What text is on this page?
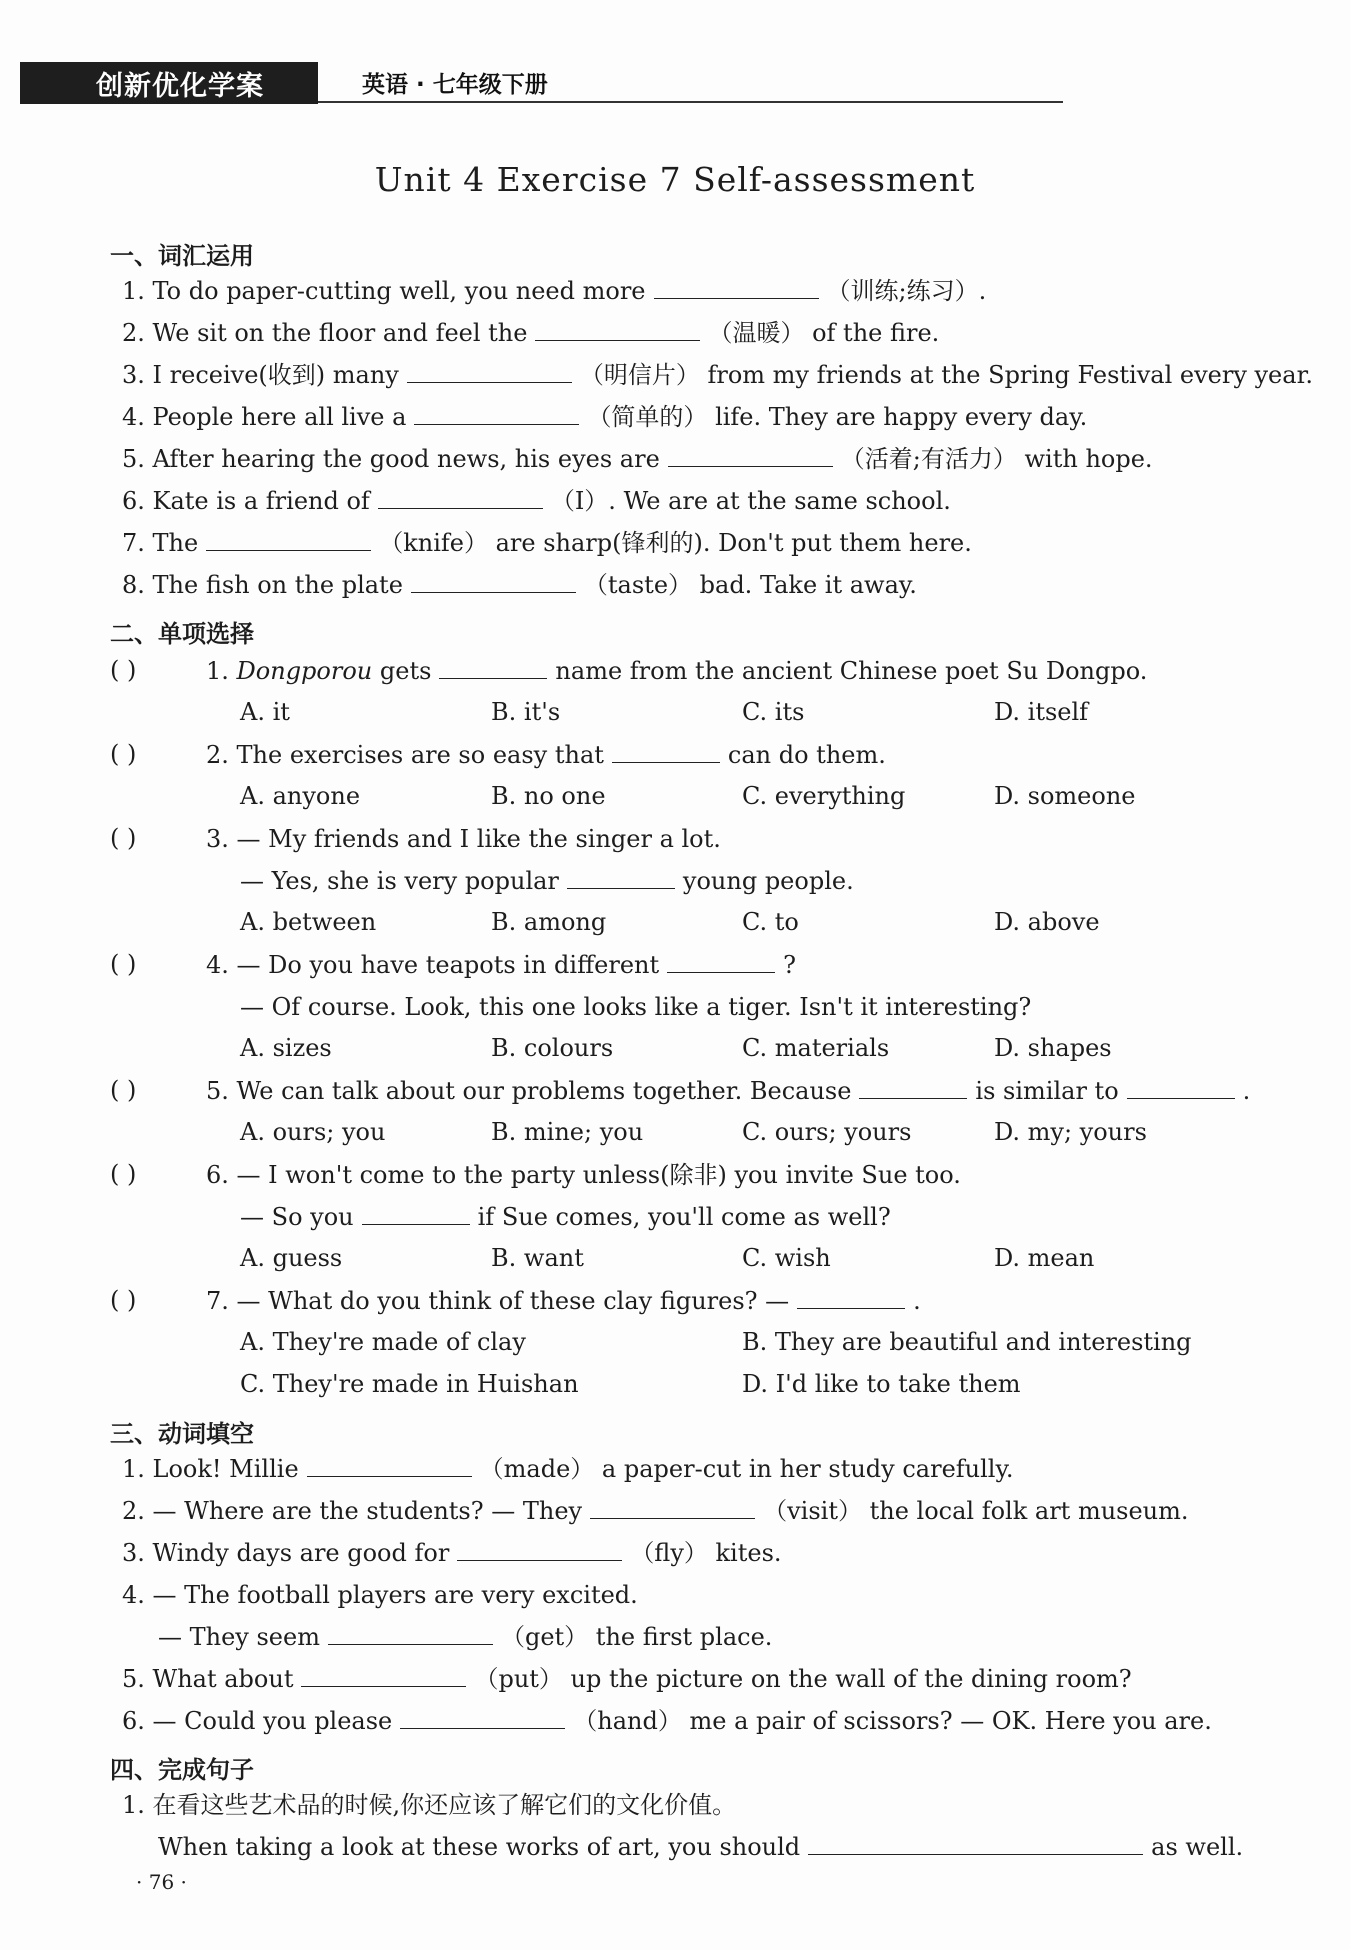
创新优化学案	英语 · 七年级下册
Unit 4 Exercise 7 Self-assessment
一、词汇运用
1. To do paper-cutting well, you need more	（训练;练习）.
2. We sit on the floor and feel the	（温暖） of the fire.
3. I receive(收到) many	（明信片） from my friends at the Spring Festival every year.
4. People here all live a	（简单的） life. They are happy every day.
5. After hearing the good news, his eyes are	（活着;有活力） with hope.
6. Kate is a friend of	（I）. We are at the same school.
7. The	（knife） are sharp(锋利的). Don't put them here.
8. The fish on the plate	（taste） bad. Take it away.
二、单项选择
( )	1. Dongporou gets	name from the ancient Chinese poet Su Dongpo.
A. it	B. it's	C. its	D. itself
( )	2. The exercises are so easy that	can do them.
A. anyone	B. no one	C. everything	D. someone
( )	3. — My friends and I like the singer a lot.
— Yes, she is very popular	young people.
A. between	B. among	C. to	D. above
( )	4. — Do you have teapots in different	?
— Of course. Look, this one looks like a tiger. Isn't it interesting?
A. sizes	B. colours	C. materials	D. shapes
( )	5. We can talk about our problems together. Because	is similar to	.
A. ours; you	B. mine; you	C. ours; yours	D. my; yours
( )	6. — I won't come to the party unless(除非) you invite Sue too.
— So you	if Sue comes, you'll come as well?
A. guess	B. want	C. wish	D. mean
( )	7. — What do you think of these clay figures? —	.
A. They're made of clay	B. They are beautiful and interesting
C. They're made in Huishan	D. I'd like to take them
三、动词填空
1. Look! Millie	（made） a paper-cut in her study carefully.
2. — Where are the students? — They	（visit） the local folk art museum.
3. Windy days are good for	（fly） kites.
4. — The football players are very excited.
— They seem	（get） the first place.
5. What about	（put） up the picture on the wall of the dining room?
6. — Could you please	（hand） me a pair of scissors? — OK. Here you are.
四、完成句子
1. 在看这些艺术品的时候,你还应该了解它们的文化价值。
When taking a look at these works of art, you should	as well.
· 76 ·
